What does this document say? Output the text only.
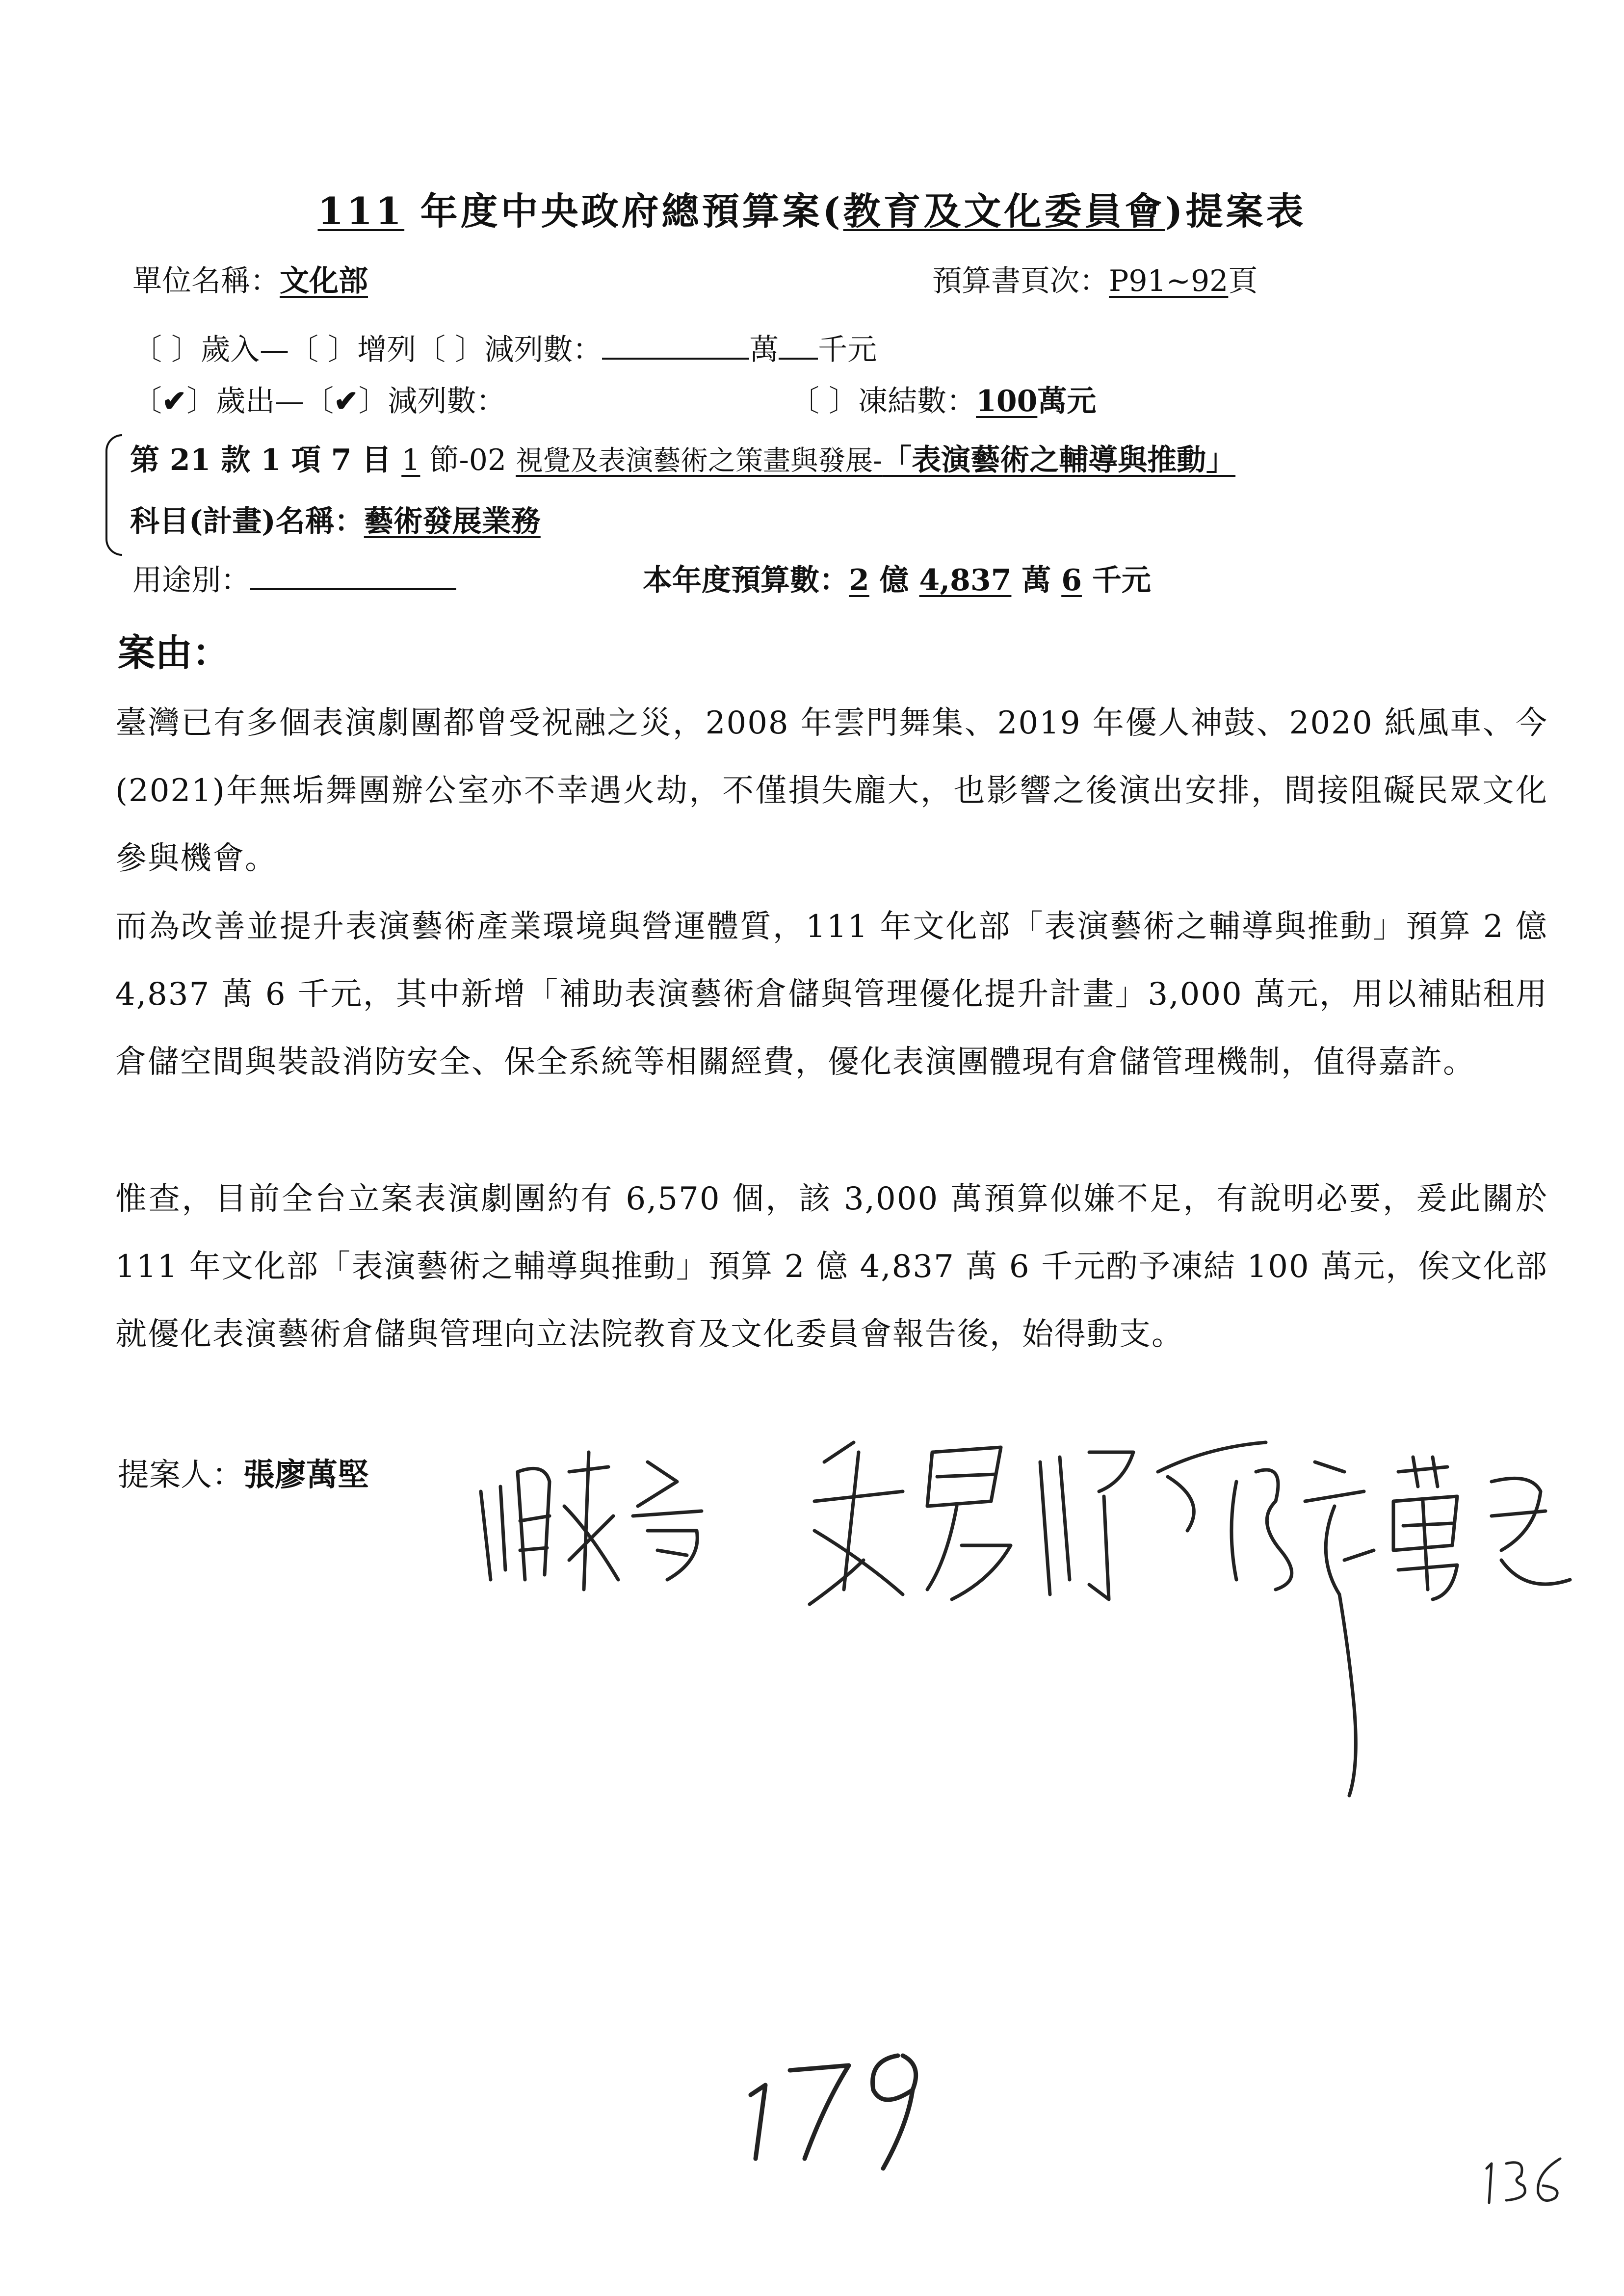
111 年度中央政府總預算案(教育及文化委員會)提案表
單位名稱：文化部	預算書頁次：P91~92頁
〔 〕歲入—〔 〕增列〔 〕減列數：	萬 千元
〔✔〕歲出—〔✔〕減列數：	〔 〕凍結數：100萬元
第 21 款 1 項 7 目 1 節-02 視覺及表演藝術之策畫與發展-「表演藝術之輔導與推動」
科目(計畫)名稱：藝術發展業務
用途別：	本年度預算數：2 億 4,837 萬 6 千元
案由：
臺灣已有多個表演劇團都曾受祝融之災，2008 年雲門舞集、2019 年優人神鼓、2020 紙風車、今(2021)年無垢舞團辦公室亦不幸遇火劫，不僅損失龐大，也影響之後演出安排，間接阻礙民眾文化參與機會。
而為改善並提升表演藝術產業環境與營運體質，111 年文化部「表演藝術之輔導與推動」預算 2 億 4,837 萬 6 千元，其中新增「補助表演藝術倉儲與管理優化提升計畫」3,000 萬元，用以補貼租用倉儲空間與裝設消防安全、保全系統等相關經費，優化表演團體現有倉儲管理機制，值得嘉許。
惟查，目前全台立案表演劇團約有 6,570 個，該 3,000 萬預算似嫌不足，有說明必要，爰此關於 111 年文化部「表演藝術之輔導與推動」預算 2 億 4,837 萬 6 千元酌予凍結 100 萬元，俟文化部就優化表演藝術倉儲與管理向立法院教育及文化委員會報告後，始得動支。
提案人：張廖萬堅
